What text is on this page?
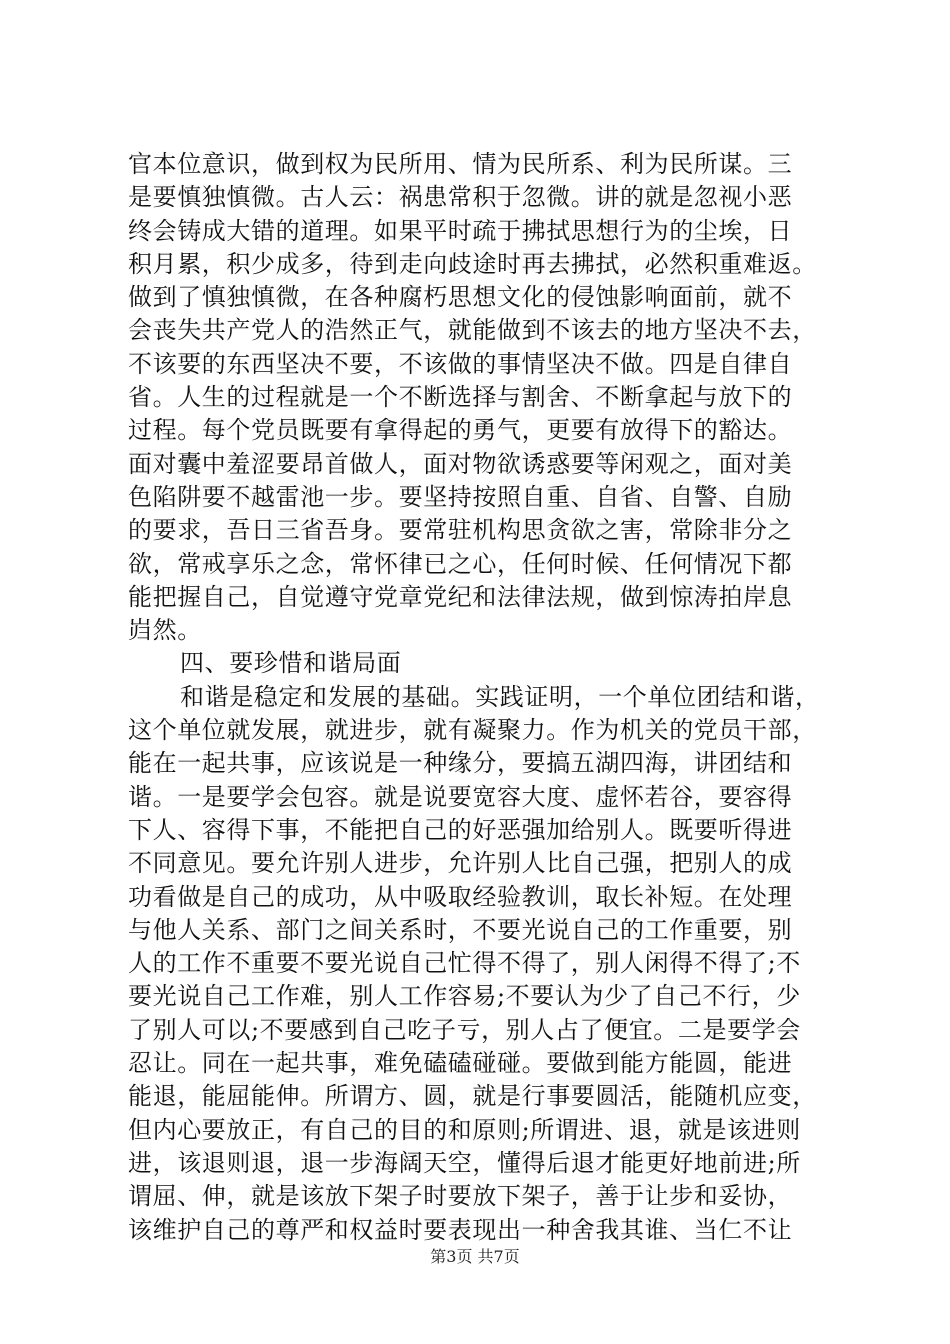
官本位意识，做到权为民所用、情为民所系、利为民所谋。三
是要慎独慎微。古人云：祸患常积于忽微。讲的就是忽视小恶
终会铸成大错的道理。如果平时疏于拂拭思想行为的尘埃，日
积月累，积少成多，待到走向歧途时再去拂拭，必然积重难返。
做到了慎独慎微，在各种腐朽思想文化的侵蚀影响面前，就不
会丧失共产党人的浩然正气，就能做到不该去的地方坚决不去，
不该要的东西坚决不要，不该做的事情坚决不做。四是自律自
省。人生的过程就是一个不断选择与割舍、不断拿起与放下的
过程。每个党员既要有拿得起的勇气，更要有放得下的豁达。
面对囊中羞涩要昂首做人，面对物欲诱惑要等闲观之，面对美
色陷阱要不越雷池一步。要坚持按照自重、自省、自警、自励
的要求，吾日三省吾身。要常驻机构思贪欲之害，常除非分之
欲，常戒享乐之念，常怀律已之心，任何时候、任何情况下都
能把握自己，自觉遵守党章党纪和法律法规，做到惊涛拍岸息
岿然。
四、要珍惜和谐局面
和谐是稳定和发展的基础。实践证明，一个单位团结和谐，
这个单位就发展，就进步，就有凝聚力。作为机关的党员干部，
能在一起共事，应该说是一种缘分，要搞五湖四海，讲团结和
谐。一是要学会包容。就是说要宽容大度、虚怀若谷，要容得
下人、容得下事，不能把自己的好恶强加给别人。既要听得进
不同意见。要允许别人进步，允许别人比自己强，把别人的成
功看做是自己的成功，从中吸取经验教训，取长补短。在处理
与他人关系、部门之间关系时，不要光说自己的工作重要，别
人的工作不重要不要光说自己忙得不得了，别人闲得不得了;不
要光说自己工作难，别人工作容易;不要认为少了自己不行，少
了别人可以;不要感到自己吃子亏，别人占了便宜。二是要学会
忍让。同在一起共事，难免磕磕碰碰。要做到能方能圆，能进
能退，能屈能伸。所谓方、圆，就是行事要圆活，能随机应变，
但内心要放正，有自己的目的和原则;所谓进、退，就是该进则
进，该退则退，退一步海阔天空，懂得后退才能更好地前进;所
谓屈、伸，就是该放下架子时要放下架子，善于让步和妥协，
该维护自己的尊严和权益时要表现出一种舍我其谁、当仁不让
第3页 共7页
